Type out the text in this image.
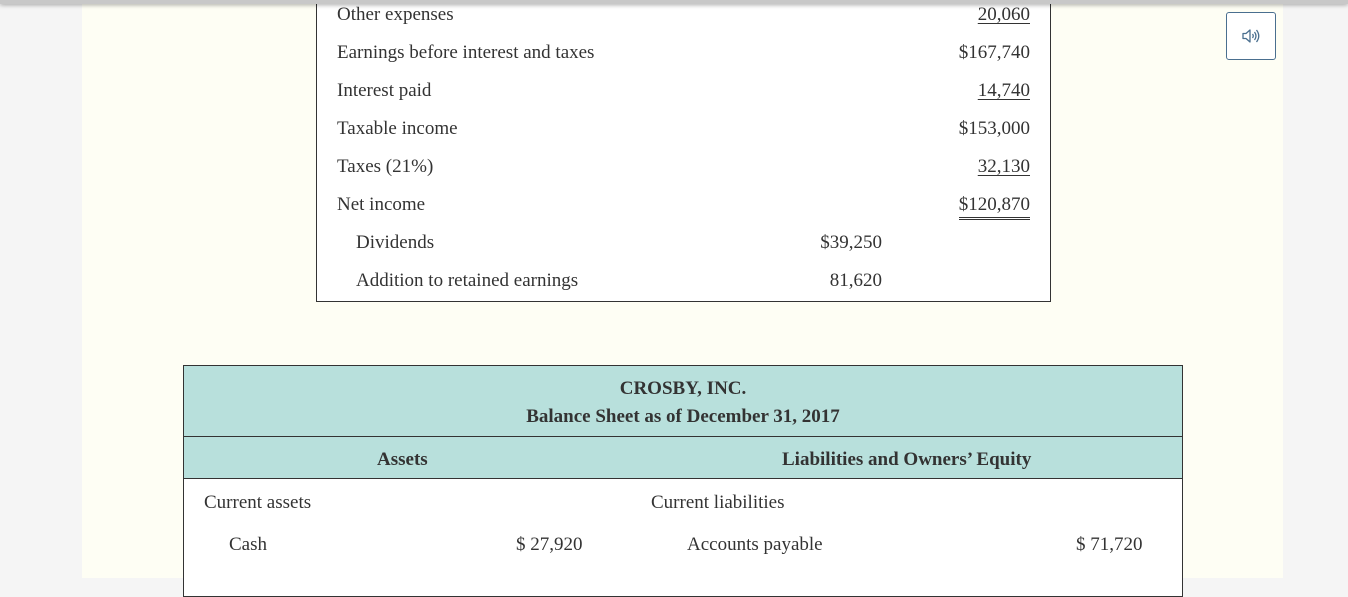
Other expenses	20,060
Earnings before interest and taxes	$167,740
Interest paid	14,740
Taxable income	$153,000
Taxes (21%)	32,130
Net income	$120,870
Dividends	$39,250
Addition to retained earnings	81,620
CROSBY, INC.
Balance Sheet as of December 31, 2017
Assets	Liabilities and Owners’ Equity
Current assets	Current liabilities
Cash	$ 27,920	Accounts payable	$ 71,720
